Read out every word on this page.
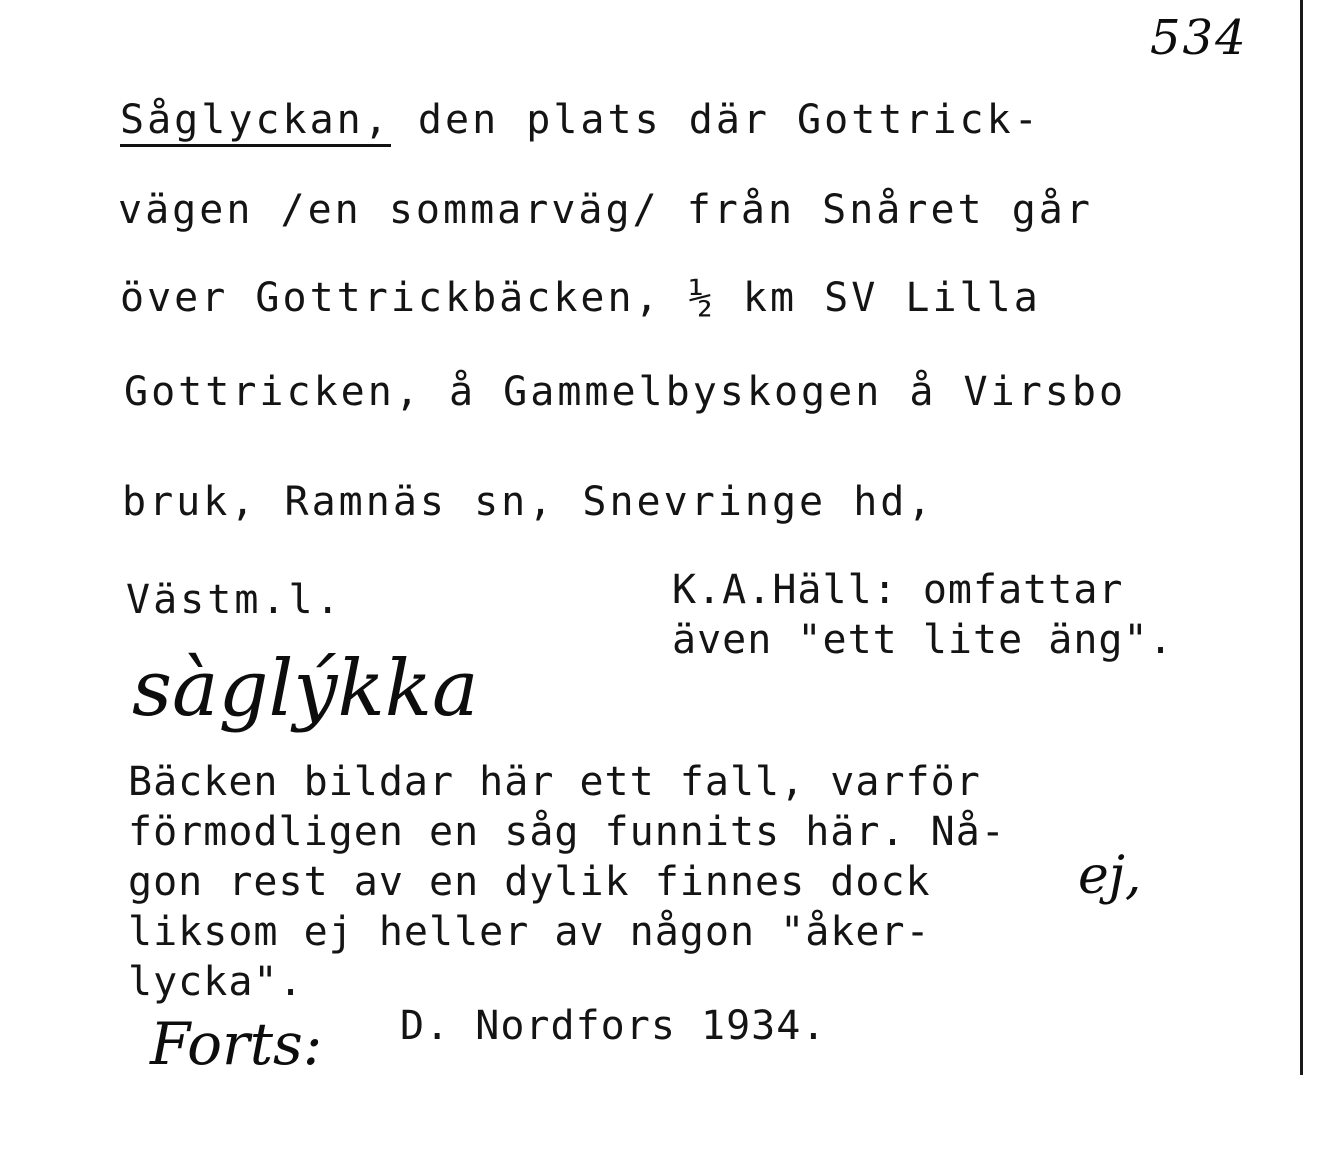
534
Såglyckan, den plats där Gottrick-
vägen /en sommarväg/ från Snåret går
över Gottrickbäcken, ½ km SV Lilla
Gottricken, å Gammelbyskogen å Virsbo
bruk, Ramnäs sn, Snevringe hd,
Västm.l.	K.A.Häll: omfattar
även "ett lite äng".
sàglýkka
Bäcken bildar här ett fall, varför
förmodligen en såg funnits här. Nå-
gon rest av en dylik finnes dock
liksom ej heller av någon "åker-
lycka".
ej,
D. Nordfors 1934.
Forts:
